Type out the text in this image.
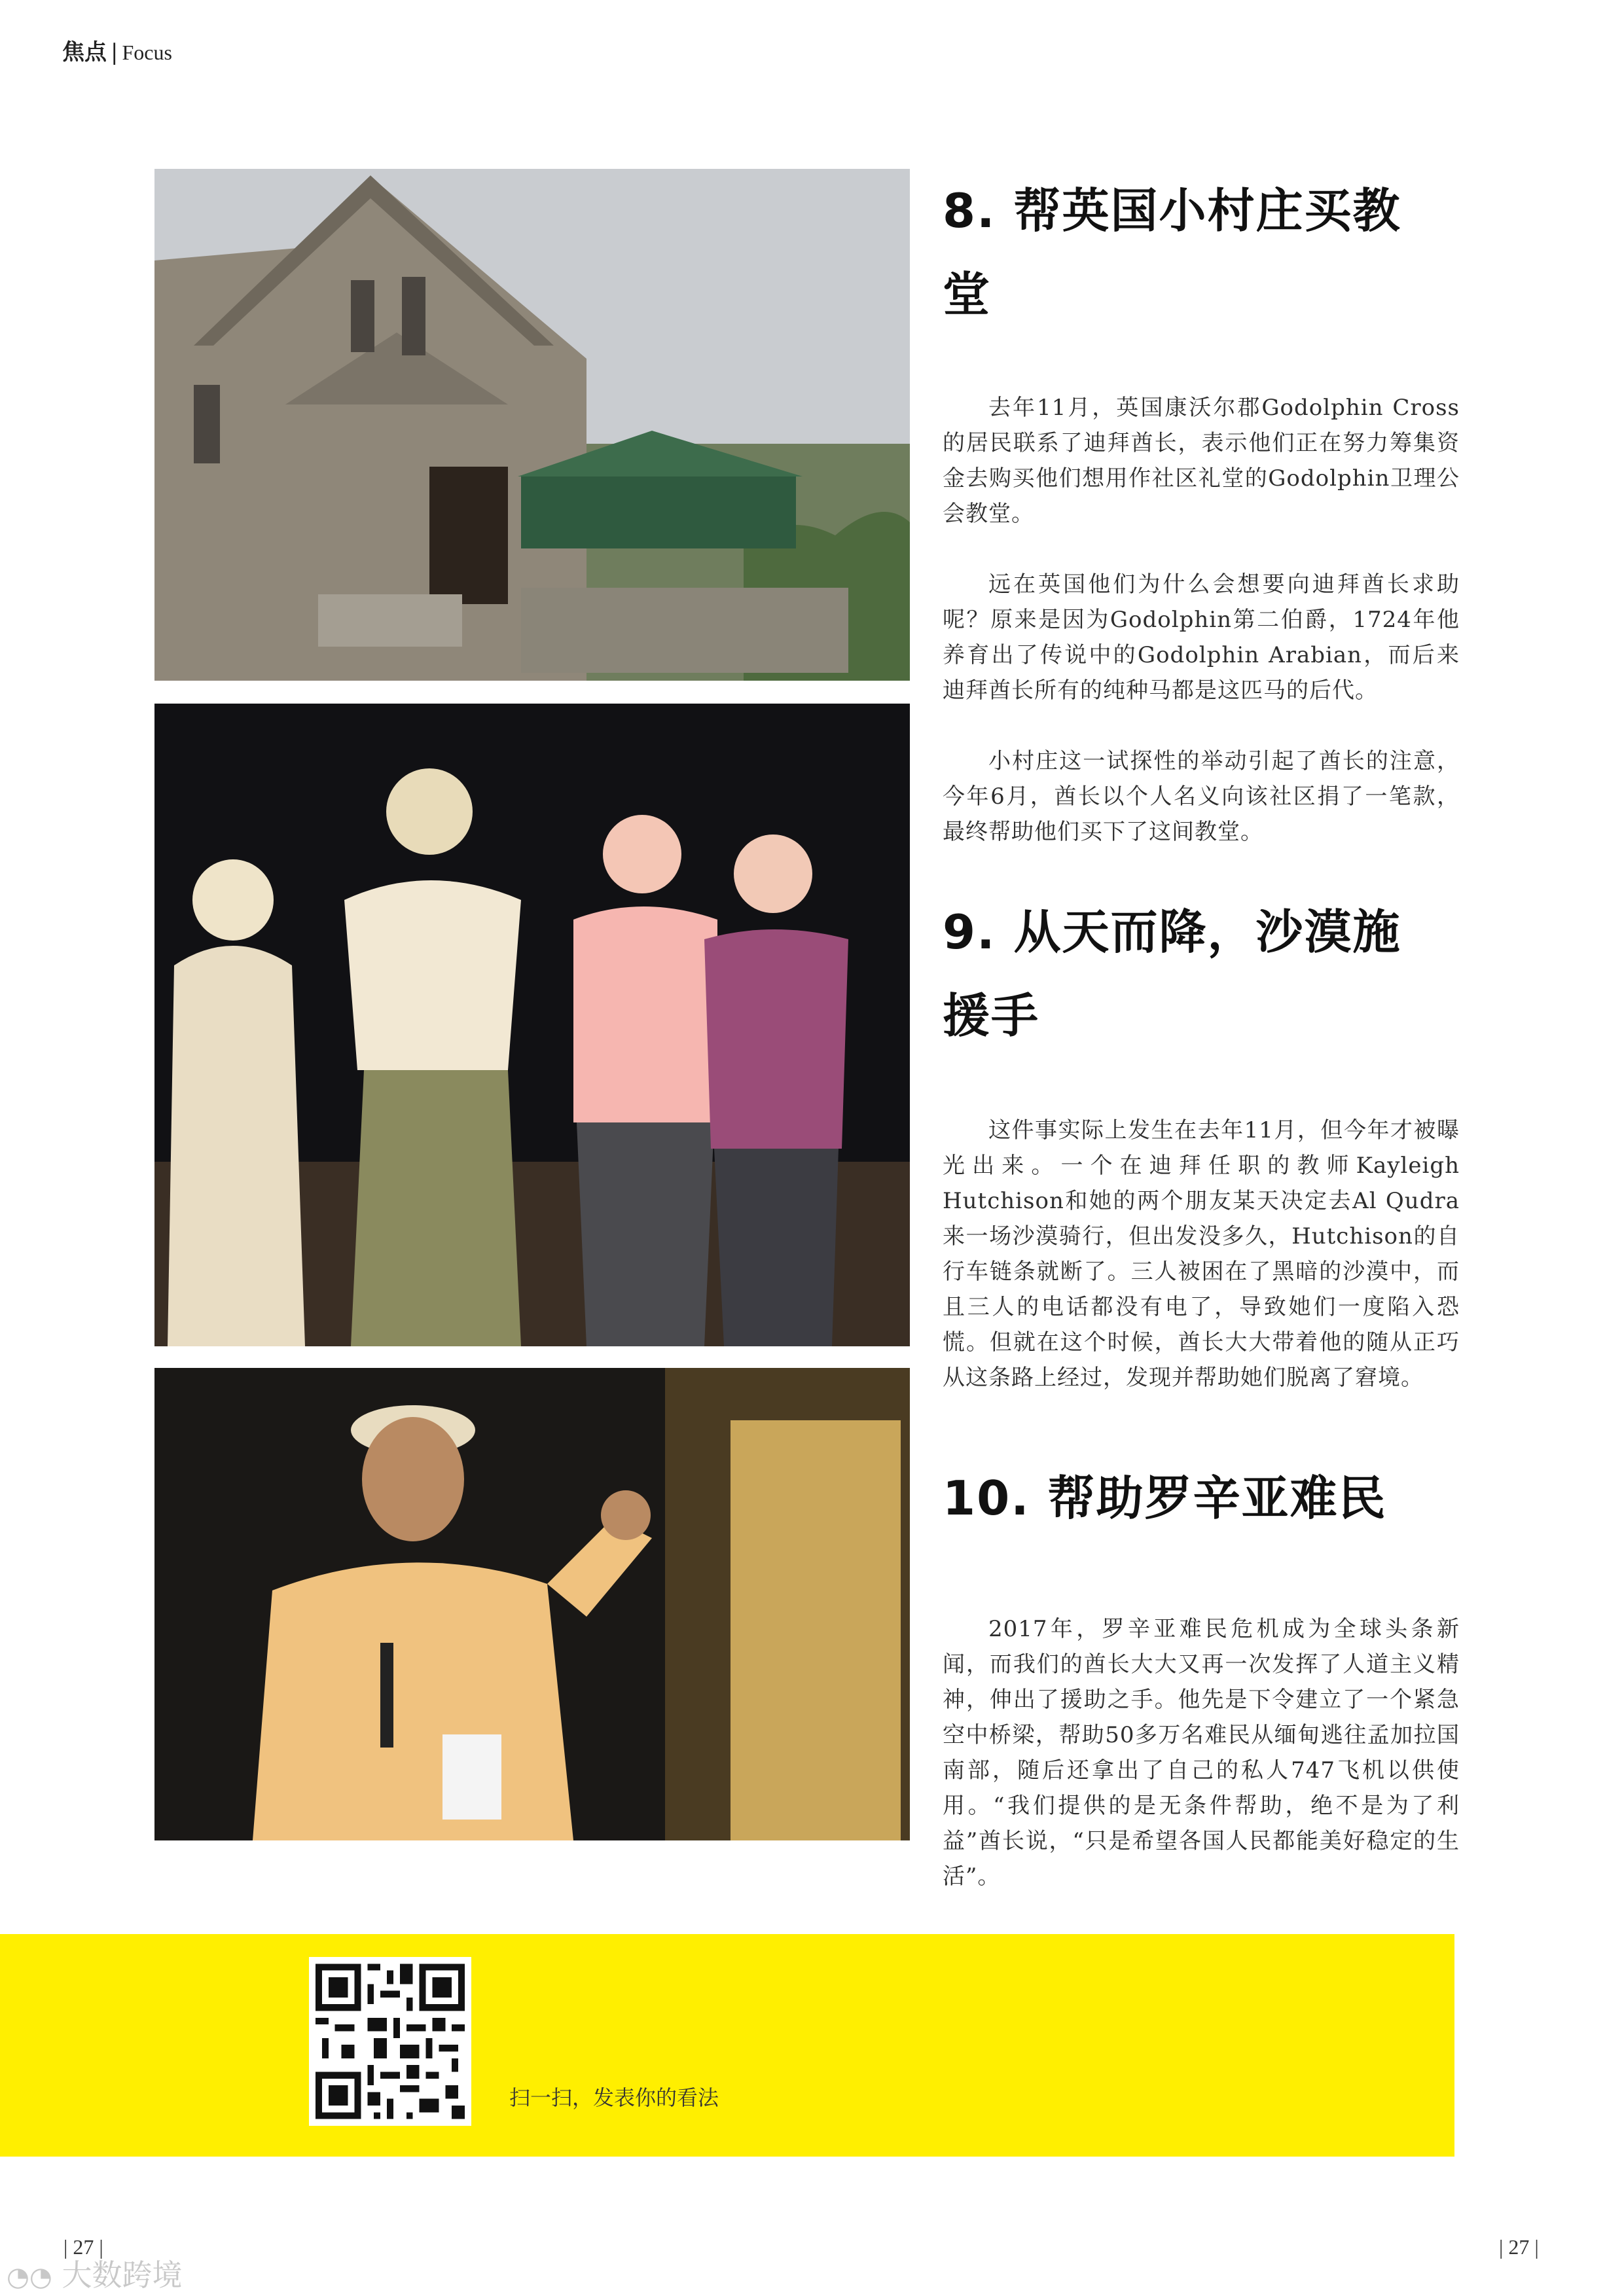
焦点 | Focus
8. 帮英国小村庄买教
堂
去年11月，英国康沃尔郡Godolphin Cross的居民联系了迪拜酋长，表示他们正在努力筹集资金去购买他们想用作社区礼堂的Godolphin卫理公会教堂。
远在英国他们为什么会想要向迪拜酋长求助呢？原来是因为Godolphin第二伯爵，1724年他养育出了传说中的Godolphin Arabian，而后来迪拜酋长所有的纯种马都是这匹马的后代。
小村庄这一试探性的举动引起了酋长的注意，今年6月，酋长以个人名义向该社区捐了一笔款，最终帮助他们买下了这间教堂。
9. 从天而降，沙漠施
援手
这件事实际上发生在去年11月，但今年才被曝光出来。一个在迪拜任职的教师Kayleigh Hutchison和她的两个朋友某天决定去Al Qudra来一场沙漠骑行，但出发没多久，Hutchison的自行车链条就断了。三人被困在了黑暗的沙漠中，而且三人的电话都没有电了，导致她们一度陷入恐慌。但就在这个时候，酋长大大带着他的随从正巧从这条路上经过，发现并帮助她们脱离了窘境。
10. 帮助罗辛亚难民
2017年，罗辛亚难民危机成为全球头条新闻，而我们的酋长大大又再一次发挥了人道主义精神，伸出了援助之手。他先是下令建立了一个紧急空中桥梁，帮助50多万名难民从缅甸逃往孟加拉国南部，随后还拿出了自己的私人747飞机以供使用。“我们提供的是无条件帮助，绝不是为了利益”酋长说，“只是希望各国人民都能美好稳定的生活”。
扫一扫，发表你的看法
| 27 |	| 27 |
◔◔ 大数跨境
